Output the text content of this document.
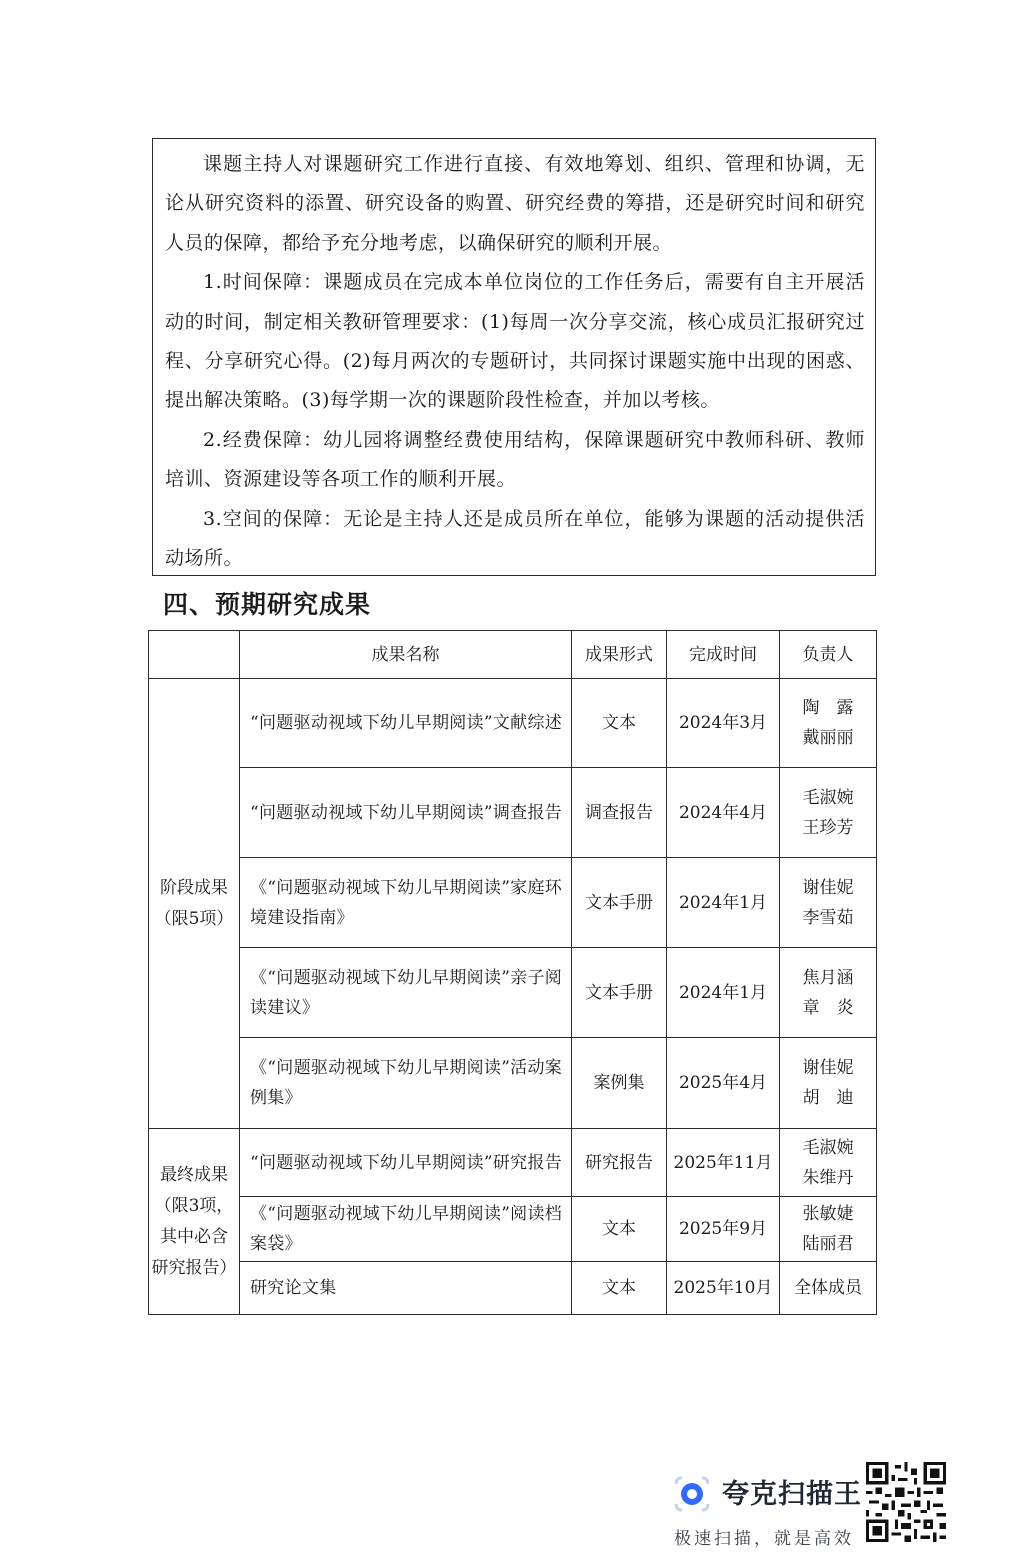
课题主持人对课题研究工作进行直接、有效地筹划、组织、管理和协调，无论从研究资料的添置、研究设备的购置、研究经费的筹措，还是研究时间和研究人员的保障，都给予充分地考虑，以确保研究的顺利开展。

1.时间保障：课题成员在完成本单位岗位的工作任务后，需要有自主开展活动的时间，制定相关教研管理要求：(1)每周一次分享交流，核心成员汇报研究过程、分享研究心得。(2)每月两次的专题研讨，共同探讨课题实施中出现的困惑、提出解决策略。(3)每学期一次的课题阶段性检查，并加以考核。

2.经费保障：幼儿园将调整经费使用结构，保障课题研究中教师科研、教师培训、资源建设等各项工作的顺利开展。

3.空间的保障：无论是主持人还是成员所在单位，能够为课题的活动提供活动场所。

四、预期研究成果
	成果名称	成果形式	完成时间	负责人

阶段成果
（限5项）	“问题驱动视域下幼儿早期阅读”文献综述	文本	2024年3月	陶　露
戴丽丽

	“问题驱动视域下幼儿早期阅读”调查报告	调查报告	2024年4月	毛淑婉
王珍芳

	《“问题驱动视域下幼儿早期阅读”家庭环境建设指南》	文本手册	2024年1月	谢佳妮
李雪茹

	《“问题驱动视域下幼儿早期阅读”亲子阅读建议》	文本手册	2024年1月	焦月涵
章　炎

	《“问题驱动视域下幼儿早期阅读”活动案例集》	案例集	2025年4月	谢佳妮
胡　迪

最终成果
（限3项，
其中必含
研究报告）	“问题驱动视域下幼儿早期阅读”研究报告	研究报告	2025年11月	毛淑婉
朱维丹

	《“问题驱动视域下幼儿早期阅读”阅读档案袋》	文本	2025年9月	张敏婕
陆丽君

	研究论文集	文本	2025年10月	全体成员
夸克扫描王
极速扫描，就是高效
